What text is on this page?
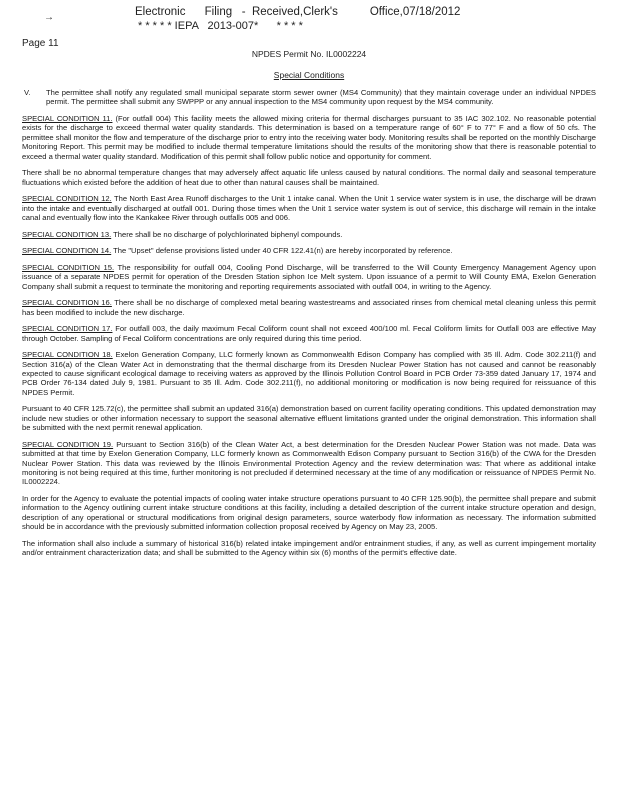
→	Electronic      Filing   -  Received,Clerk's          Office,07/18/2012
* * * * * IEPA   2013-007*      * * * *
Page 11
NPDES Permit No. IL0002224
Special Conditions

V.	The permittee shall notify any regulated small municipal separate storm sewer owner (MS4 Community) that they maintain coverage under an individual NPDES permit. The permittee shall submit any SWPPP or any annual inspection to the MS4 community upon request by the MS4 community.

SPECIAL CONDITION 11. (For outfall 004) This facility meets the allowed mixing criteria for thermal discharges pursuant to 35 IAC 302.102. No reasonable potential exists for the discharge to exceed thermal water quality standards. This determination is based on a temperature range of 60° F to 77° F and a flow of 50 cfs. The permittee shall monitor the flow and temperature of the discharge prior to entry into the receiving water body. Monitoring results shall be reported on the monthly Discharge Monitoring Report. This permit may be modified to include thermal temperature limitations should the results of the monitoring show that there is reasonable potential to exceed a thermal water quality standard. Modification of this permit shall follow public notice and opportunity for comment.

There shall be no abnormal temperature changes that may adversely affect aquatic life unless caused by natural conditions. The normal daily and seasonal temperature fluctuations which existed before the addition of heat due to other than natural causes shall be maintained.

SPECIAL CONDITION 12. The North East Area Runoff discharges to the Unit 1 intake canal. When the Unit 1 service water system is in use, the discharge will be drawn into the intake and eventually discharged at outfall 001. During those times when the Unit 1 service water system is out of service, this discharge will remain in the intake canal and eventually flow into the Kankakee River through outfalls 005 and 006.

SPECIAL CONDITION 13. There shall be no discharge of polychlorinated biphenyl compounds.

SPECIAL CONDITION 14. The "Upset" defense provisions listed under 40 CFR 122.41(n) are hereby incorporated by reference.

SPECIAL CONDITION 15. The responsibility for outfall 004, Cooling Pond Discharge, will be transferred to the Will County Emergency Management Agency upon issuance of a separate NPDES permit for operation of the Dresden Station siphon Ice Melt system. Upon issuance of a permit to Will County EMA, Exelon Generation Company shall submit a request to terminate the monitoring and reporting requirements associated with outfall 004, in writing to the Agency.

SPECIAL CONDITION 16. There shall be no discharge of complexed metal bearing wastestreams and associated rinses from chemical metal cleaning unless this permit has been modified to include the new discharge.

SPECIAL CONDITION 17. For outfall 003, the daily maximum Fecal Coliform count shall not exceed 400/100 ml. Fecal Coliform limits for Outfall 003 are effective May through October. Sampling of Fecal Coliform concentrations are only required during this time period.

SPECIAL CONDITION 18. Exelon Generation Company, LLC formerly known as Commonwealth Edison Company has complied with 35 Ill. Adm. Code 302.211(f) and Section 316(a) of the Clean Water Act in demonstrating that the thermal discharge from its Dresden Nuclear Power Station has not caused and cannot be reasonably expected to cause significant ecological damage to receiving waters as approved by the Illinois Pollution Control Board in PCB Order 73-359 dated January 17, 1974 and PCB Order 76-134 dated July 9, 1981. Pursuant to 35 Ill. Adm. Code 302.211(f), no additional monitoring or modification is now being required for reissuance of this NPDES Permit.

Pursuant to 40 CFR 125.72(c), the permittee shall submit an updated 316(a) demonstration based on current facility operating conditions. This updated demonstration may include new studies or other information necessary to support the seasonal alternative effluent limitations granted under the original demonstration. This information shall be submitted with the next permit renewal application.

SPECIAL CONDITION 19. Pursuant to Section 316(b) of the Clean Water Act, a best determination for the Dresden Nuclear Power Station was not made. Data was submitted at that time by Exelon Generation Company, LLC formerly known as Commonwealth Edison Company pursuant to Section 316(b) of the CWA for the Dresden Nuclear Power Station. This data was reviewed by the Illinois Environmental Protection Agency and the review determination was: That where as additional intake monitoring is not being required at this time, further monitoring is not precluded if determined necessary at the time of any modification or reissuance of NPDES Permit No. IL0002224.

In order for the Agency to evaluate the potential impacts of cooling water intake structure operations pursuant to 40 CFR 125.90(b), the permittee shall prepare and submit information to the Agency outlining current intake structure conditions at this facility, including a detailed description of the current intake structure operation and design, description of any operational or structural modifications from original design parameters, source waterbody flow information as necessary. The information submitted should be in accordance with the previously submitted information collection proposal received by Agency on May 23, 2005.

The information shall also include a summary of historical 316(b) related intake impingement and/or entrainment studies, if any, as well as current impingement mortality and/or entrainment characterization data; and shall be submitted to the Agency within six (6) months of the permit's effective date.
